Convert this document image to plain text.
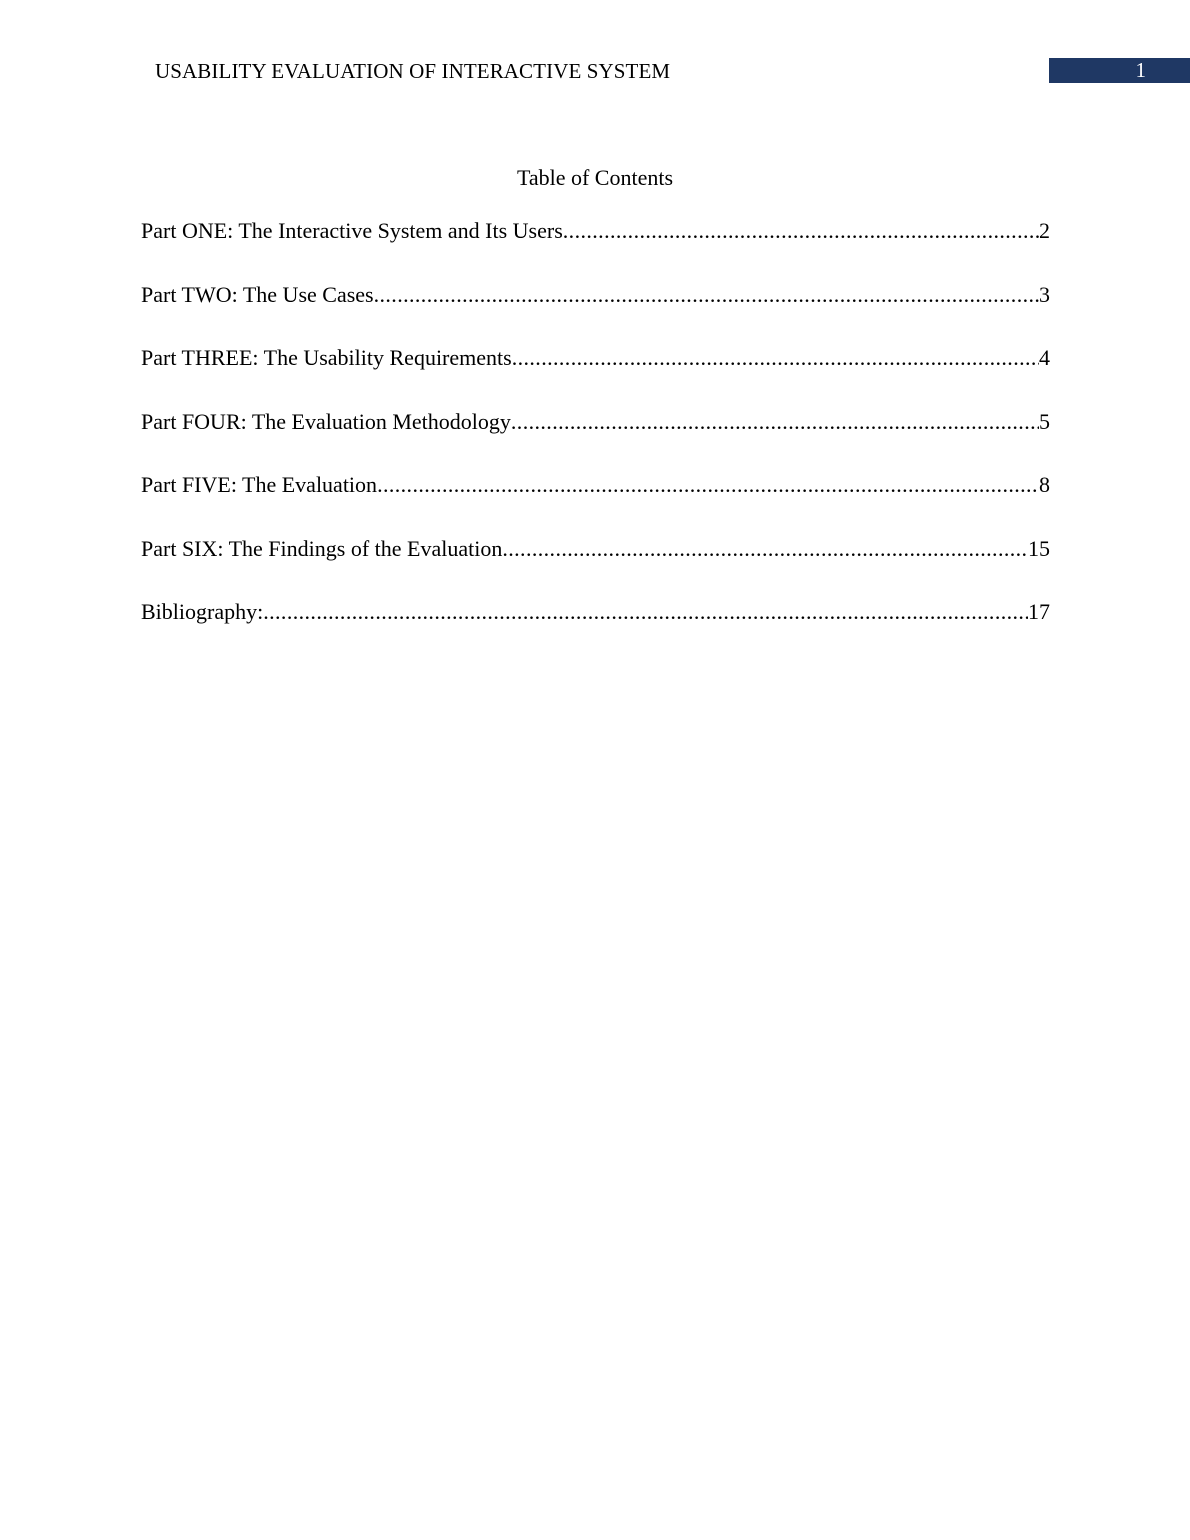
USABILITY EVALUATION OF INTERACTIVE SYSTEM	1
Table of Contents
Part ONE: The Interactive System and Its Users .....	2
Part TWO: The Use Cases .....	3
Part THREE: The Usability Requirements .....	4
Part FOUR: The Evaluation Methodology .....	5
Part FIVE: The Evaluation .....	8
Part SIX: The Findings of the Evaluation .....	15
Bibliography: .....	17
